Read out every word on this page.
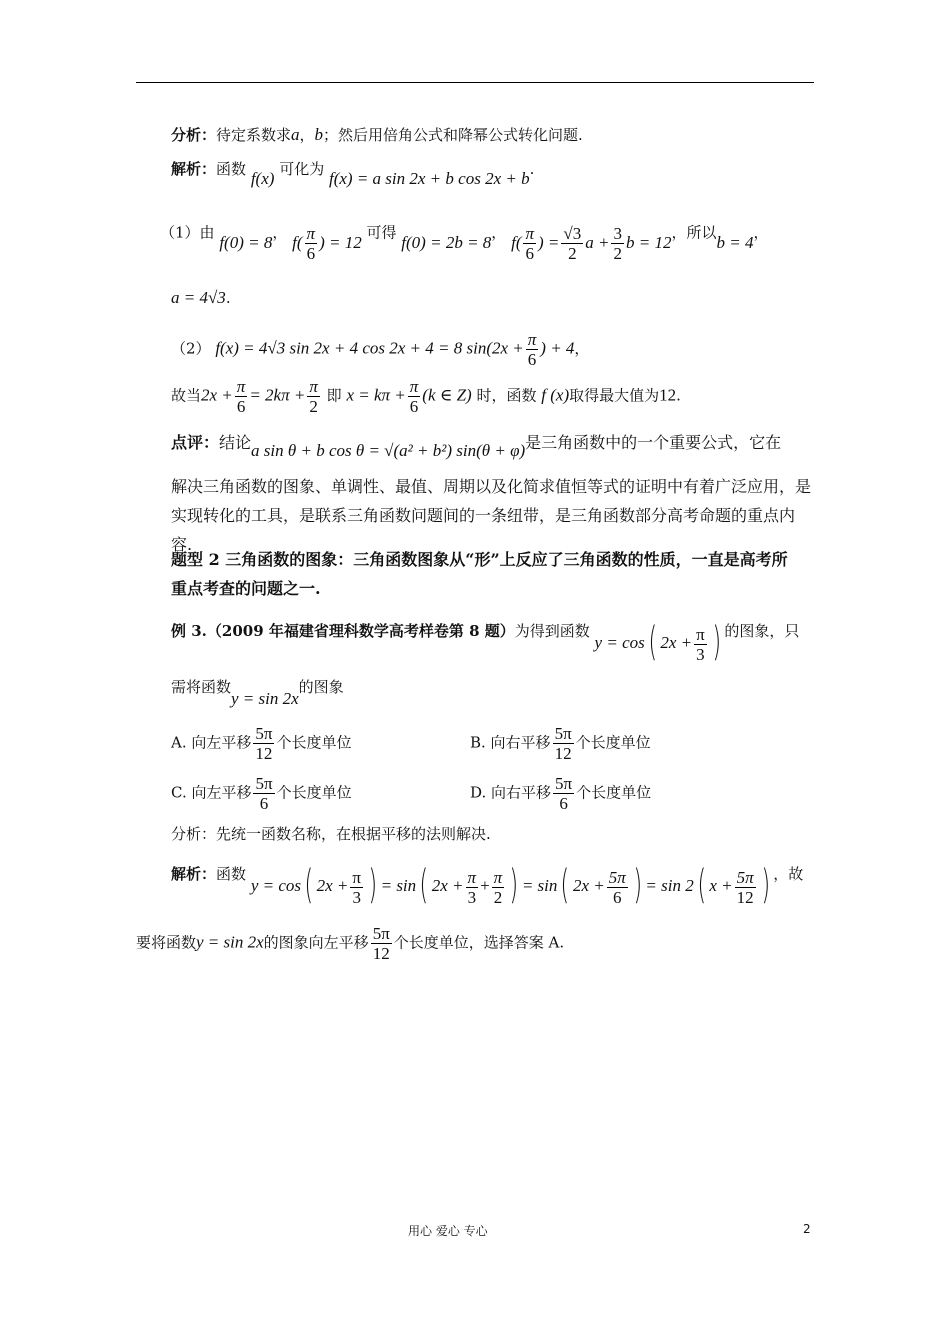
分析：待定系数求a，b；然后用倍角公式和降幂公式转化问题.
解析：函数 f(x) 可化为 f(x) = a sin 2x + b cos 2x + b.
（1）由 f(0) = 8， $f( \frac{\pi}{6}$ ) = 12 可得 f(0) = 2b = 8， $f( \frac{\pi}{6}$ ) = $\frac{√3}{2}$ $a + \frac{3}{2}$ b = 12，所以b = 4，
a = 4√3.
（2） f(x) = 4√3 sin 2x + 4 cos 2x + 4 = 8 $\sin(2x + \frac{\pi}{6}$ ) + 4，
故当$2x + \frac{\pi}{6} = 2k\pi + \frac{\pi}{2}$ 即 $x = k\pi + \frac{\pi}{6} (k$ ∈ Z) 时，函数 f (x)取得最大值为12.
点评：结论a sin θ + b cos θ = √(a² + b²) sin(θ + φ)是三角函数中的一个重要公式，它在
解决三角函数的图象、单调性、最值、周期以及化简求值恒等式的证明中有着广泛应用，是
实现转化的工具，是联系三角函数问题间的一条纽带，是三角函数部分高考命题的重点内
容.
题型 2 三角函数的图象：三角函数图象从“形”上反应了三角函数的性质，一直是高考所
重点考查的问题之一.
例 3.（2009 年福建省理科数学高考样卷第 8 题）为得到函数 y = cos( $2x + \frac{\pi}{3}$ ) 的图象，只
需将函数y = sin 2x的图象
A. 向左平移 $\frac{5\pi}{12}$ 个长度单位	B. 向右平移 $\frac{5\pi}{12}$ 个长度单位
C. 向左平移 $\frac{5\pi}{6}$ 个长度单位	D. 向右平移 $\frac{5\pi}{6}$ 个长度单位
分析：先统一函数名称，在根据平移的法则解决.
解析：函数 y = cos( $2x + \frac{\pi}{3}$ ) = sin( $2x + \frac{\pi}{3} + \frac{\pi}{2}$ ) = sin( $2x + \frac{5\pi}{6}$ ) = sin 2( $x + \frac{5\pi}{12}$ ) ，故
要将函数y = sin 2x的图象向左平移 $\frac{5\pi}{12}$ 个长度单位，选择答案 A.
用心 爱心 专心	2
